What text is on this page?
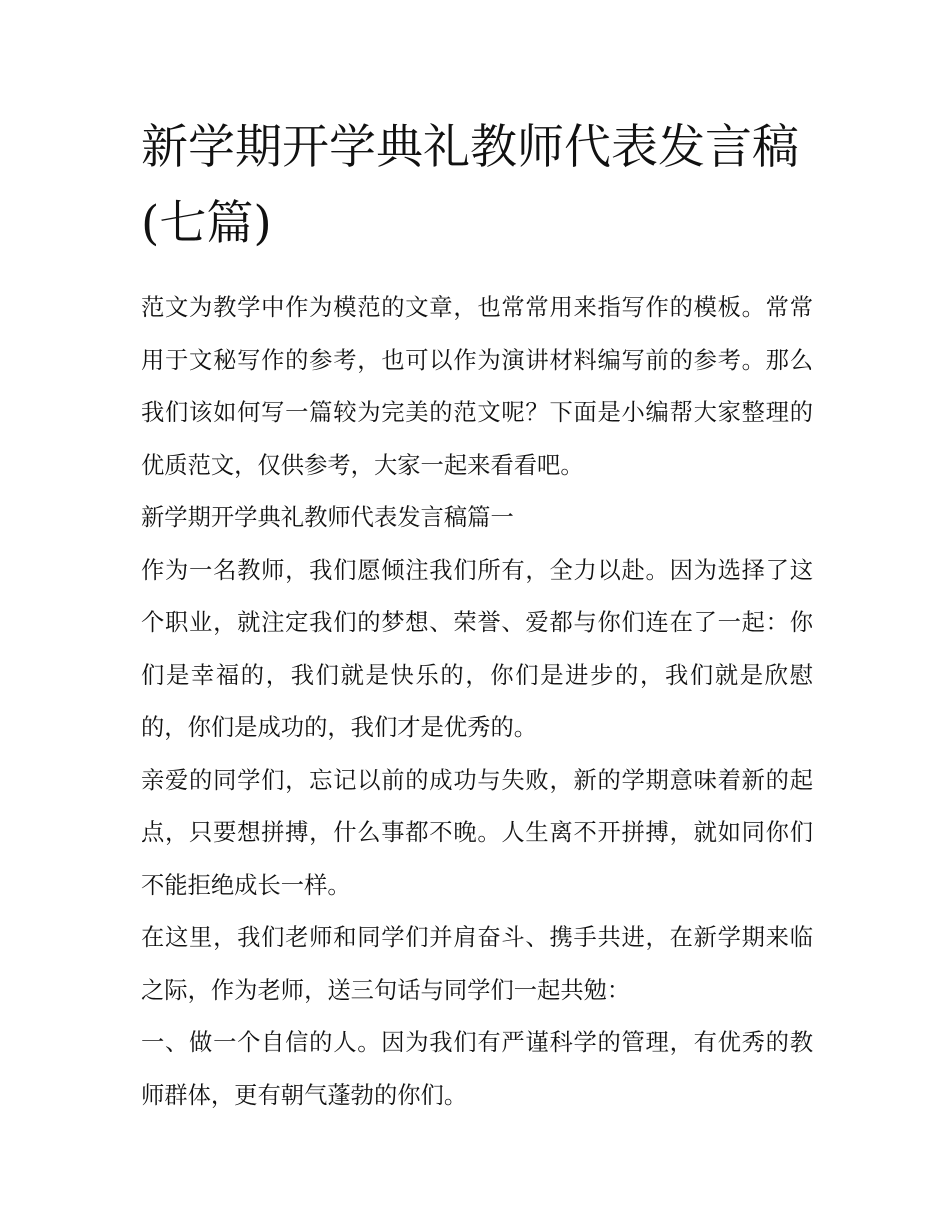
新学期开学典礼教师代表发言稿(七篇)

范文为教学中作为模范的文章，也常常用来指写作的模板。常常用于文秘写作的参考，也可以作为演讲材料编写前的参考。那么我们该如何写一篇较为完美的范文呢？下面是小编帮大家整理的优质范文，仅供参考，大家一起来看看吧。

新学期开学典礼教师代表发言稿篇一

作为一名教师，我们愿倾注我们所有，全力以赴。因为选择了这个职业，就注定我们的梦想、荣誉、爱都与你们连在了一起：你们是幸福的，我们就是快乐的，你们是进步的，我们就是欣慰的，你们是成功的，我们才是优秀的。

亲爱的同学们，忘记以前的成功与失败，新的学期意味着新的起点，只要想拼搏，什么事都不晚。人生离不开拼搏，就如同你们不能拒绝成长一样。

在这里，我们老师和同学们并肩奋斗、携手共进，在新学期来临之际，作为老师，送三句话与同学们一起共勉：

一、做一个自信的人。因为我们有严谨科学的管理，有优秀的教师群体，更有朝气蓬勃的你们。
